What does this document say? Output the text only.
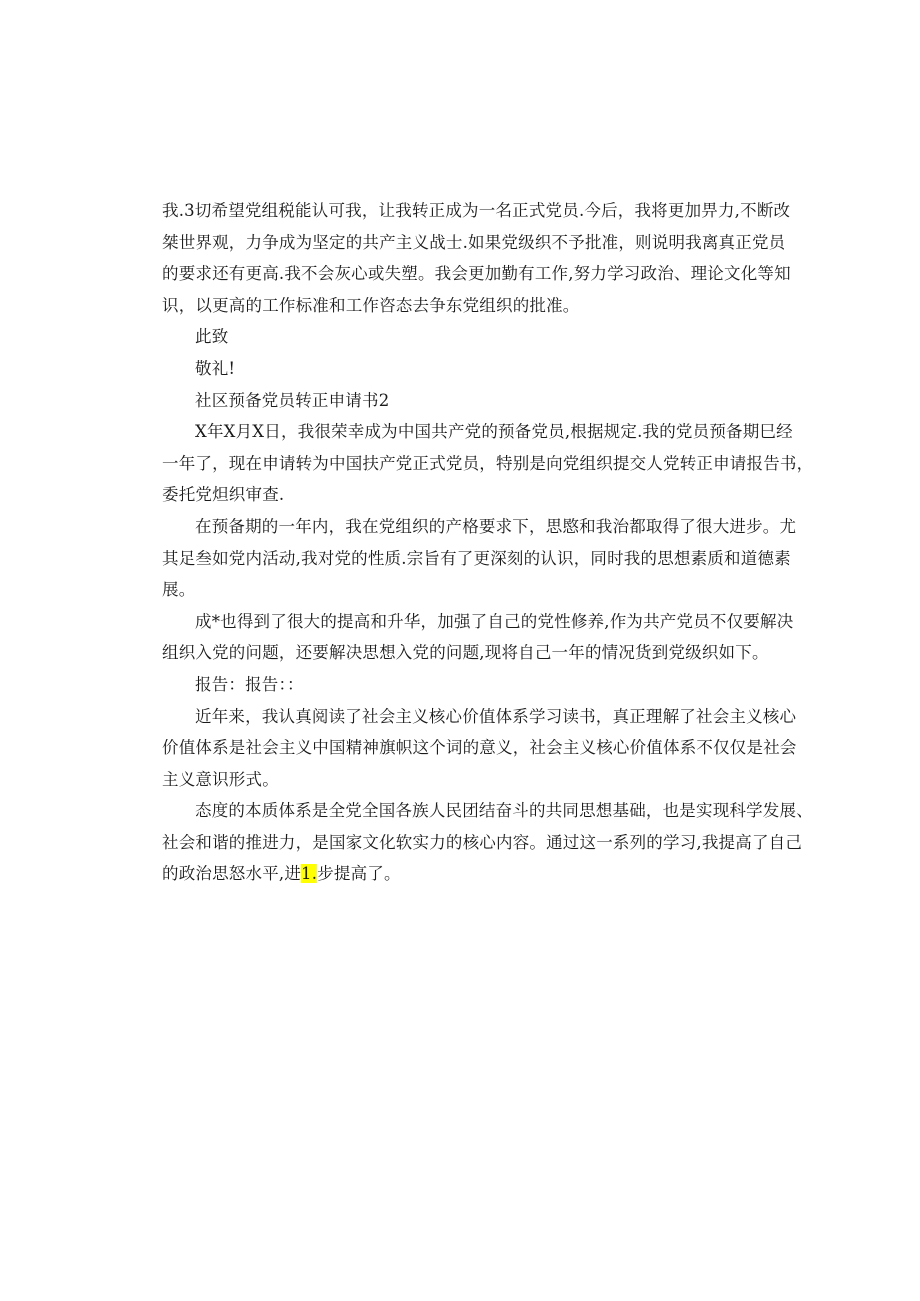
我.3切希望党组税能认可我，让我转正成为一名正式党员.今后，我将更加畀力,不断改
桀世界观，力争成为坚定的共产主义战士.如果党级织不予批准，则说明我离真正党员
的要求还有更高.我不会灰心或失塑。我会更加勤有工作,努力学习政治、理论文化等知
识，以更高的工作标准和工作咨态去争东党组织的批准。
此致
敬礼!
社区预备党员转正申请书2
X年X月X日，我很荣幸成为中国共产党的预备党员,根据规定.我的党员预备期巳经
一年了，现在申请转为中国扶产党正式党员，特别是向党组织提交人党转正申请报告书，
委托党炟织审查.
在预备期的一年内，我在党组织的产格要求下，思愍和我治都取得了很大进步。尤
其足叁如党内活动,我对党的性质.宗旨有了更深刻的认识，同时我的思想素质和道德素
展。
成*也得到了很大的提高和升华，加强了自己的党性修养,作为共产党员不仅要解决
组织入党的问题，还要解决思想入党的问题,现将自己一年的情况货到党级织如下。
报告：报告：：
近年来，我认真阅读了社会主义核心价值体系学习读书，真正理解了社会主义核心
价值体系是社会主义中国精神旗帜这个词的意义，社会主义核心价值体系不仅仅是社会
主义意识形式。
态度的本质体系是全党全国各族人民团结奋斗的共同思想基础，也是实现科学发展、
社会和谐的推进力，是国家文化软实力的核心内容。通过这一系列的学习,我提高了自己
的政治思怒水平,进1.步提高了。
